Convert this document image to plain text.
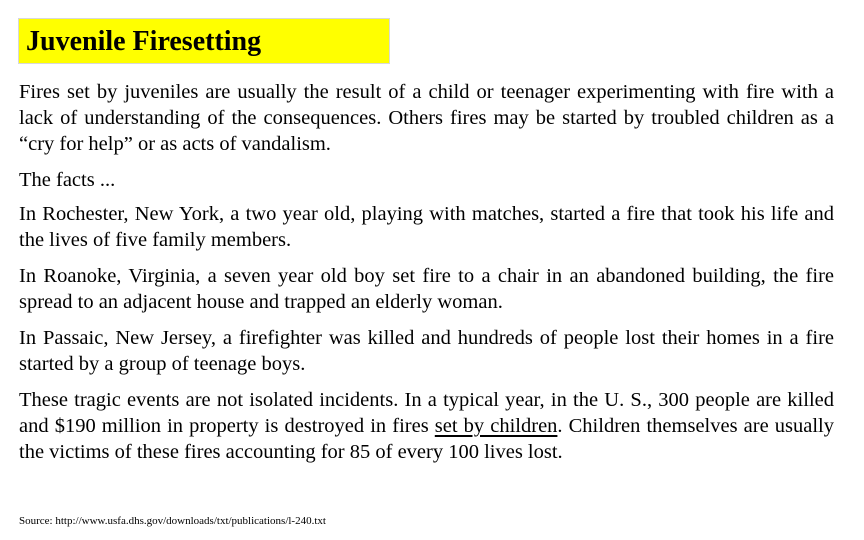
Juvenile Firesetting

Fires set by juveniles are usually the result of a child or teenager experimenting with fire with a lack of understanding of the consequences. Others fires may be started by troubled children as a “cry for help” or as acts of vandalism.

The facts ...

In Rochester, New York, a two year old, playing with matches, started a fire that took his life and the lives of five family members.

In Roanoke, Virginia, a seven year old boy set fire to a chair in an abandoned building, the fire spread to an adjacent house and trapped an elderly woman.

In Passaic, New Jersey, a firefighter was killed and hundreds of people lost their homes in a fire started by a group of teenage boys.

These tragic events are not isolated incidents. In a typical year, in the U. S., 300 people are killed and $190 million in property is destroyed in fires set by children. Children themselves are usually the victims of these fires accounting for 85 of every 100 lives lost.

Source: http://www.usfa.dhs.gov/downloads/txt/publications/l-240.txt
